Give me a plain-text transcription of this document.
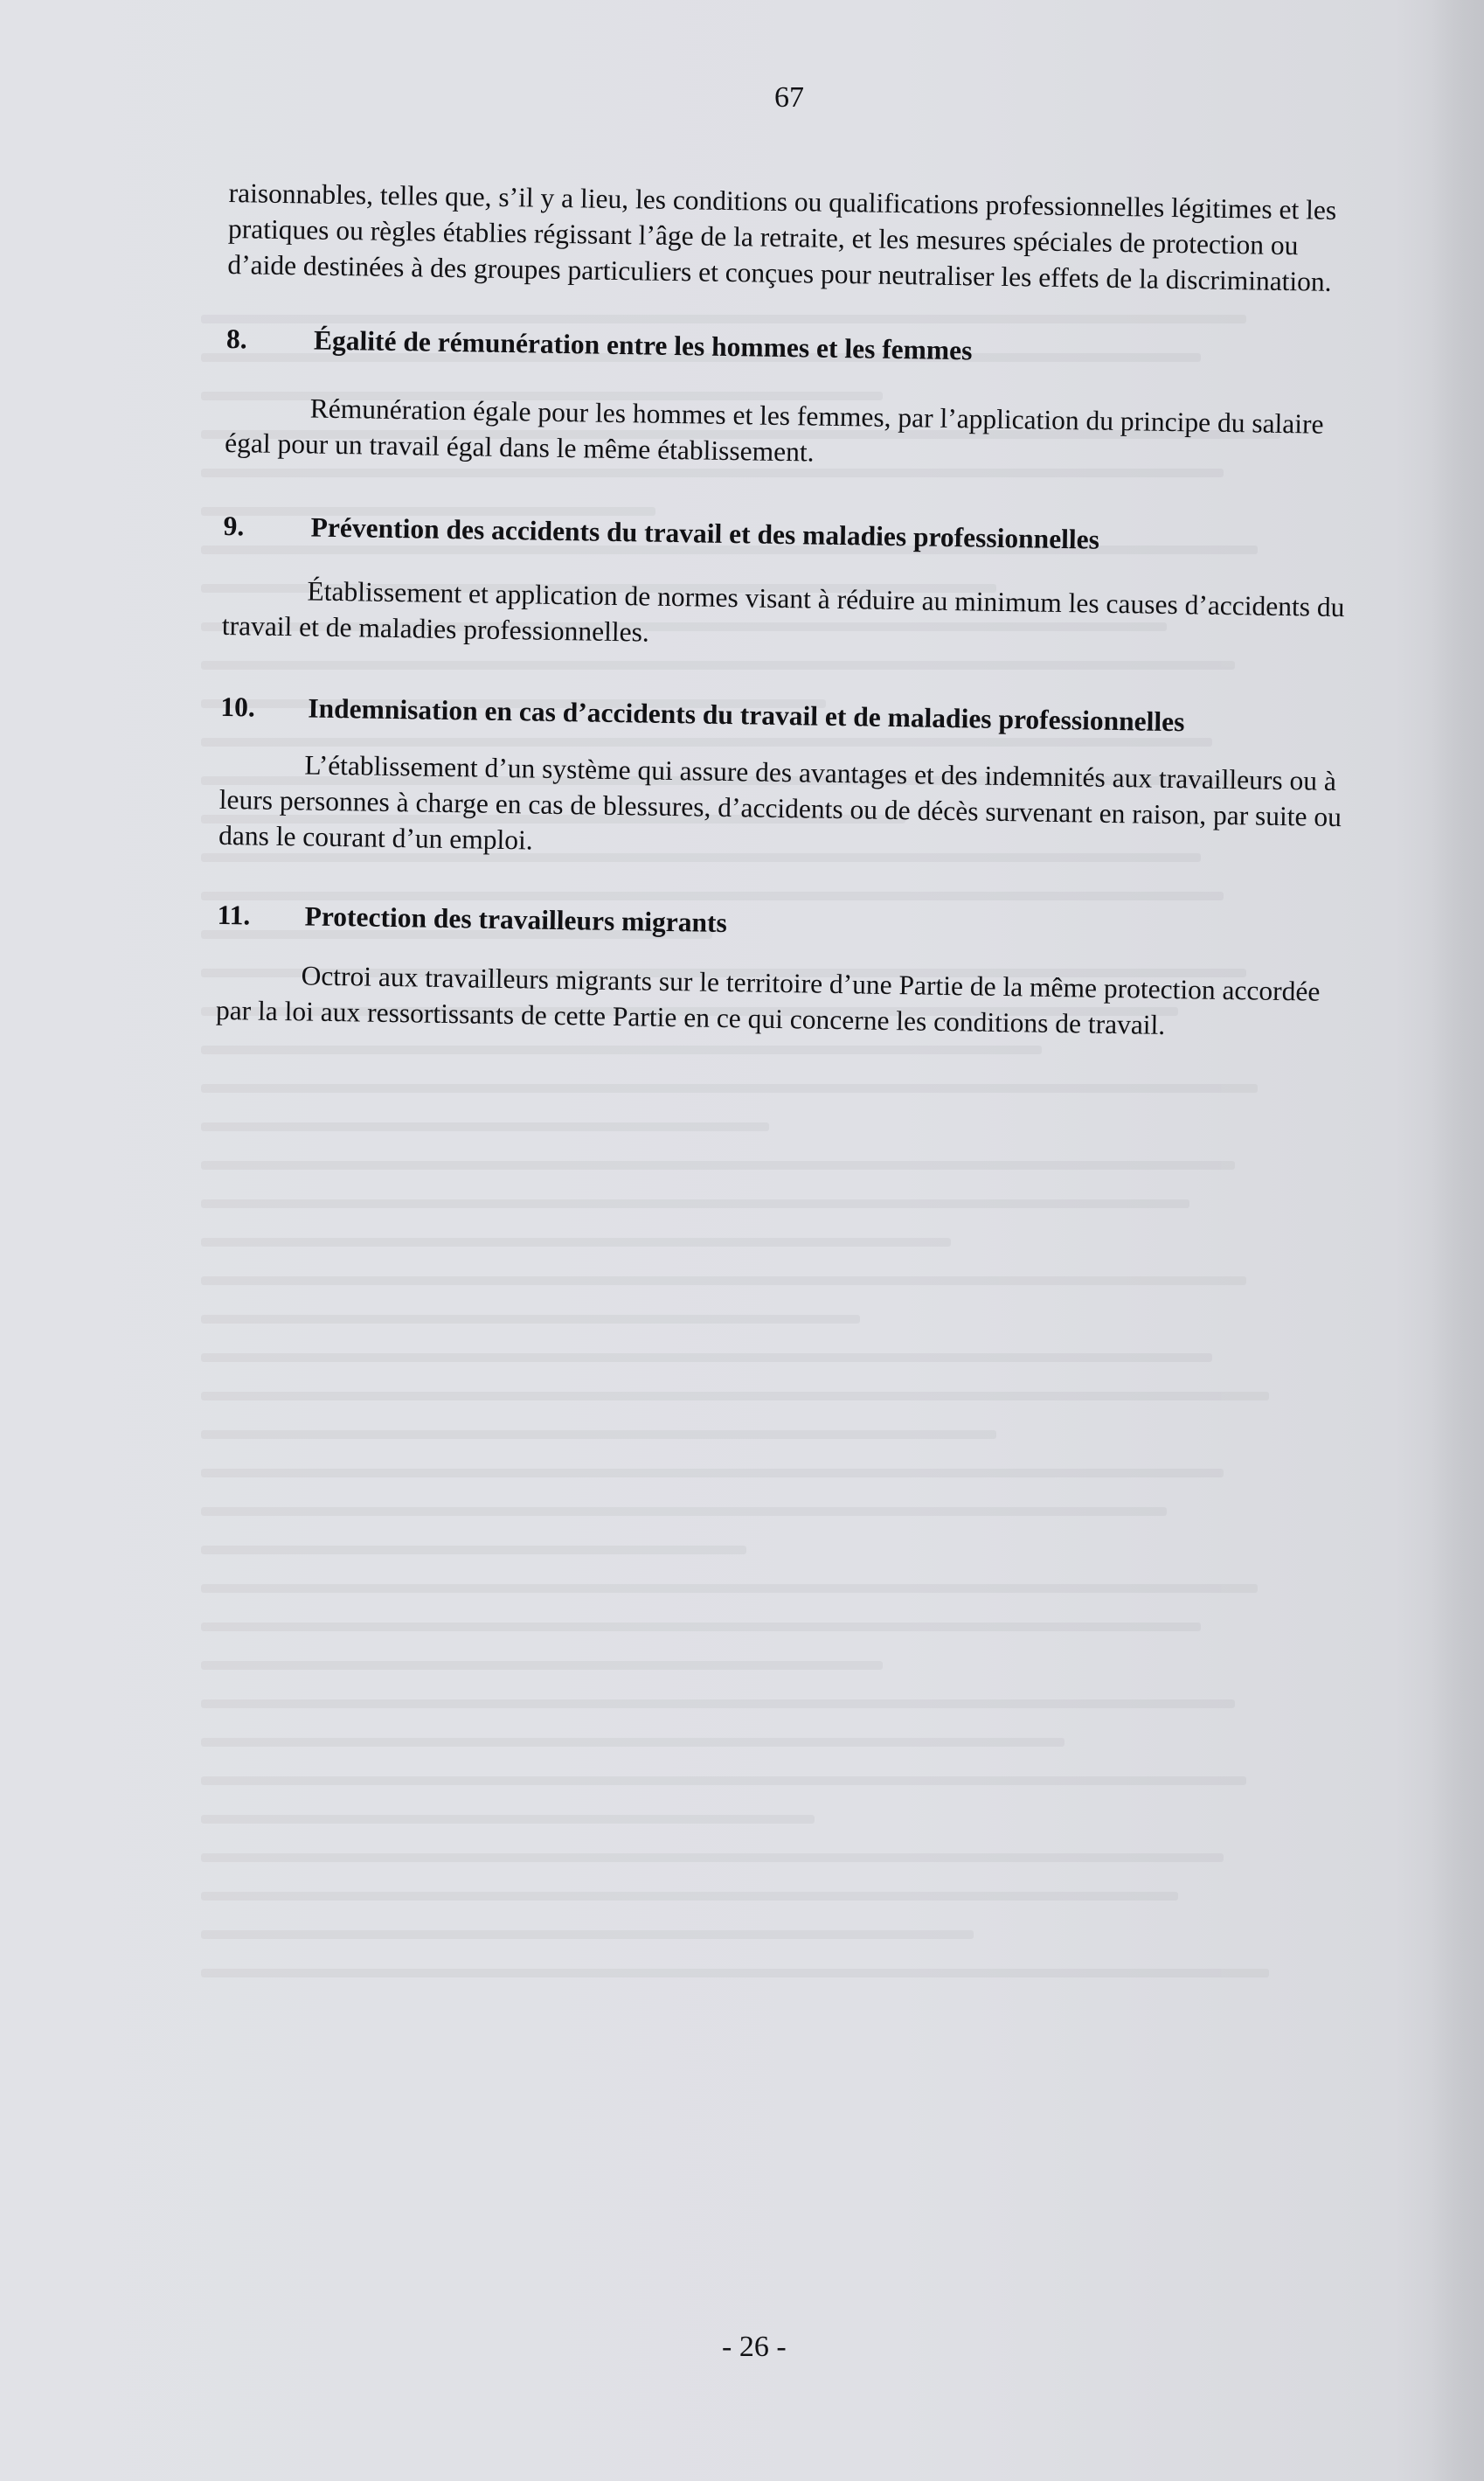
67

raisonnables, telles que, s’il y a lieu, les conditions ou qualifications professionnelles légitimes et les pratiques ou règles établies régissant l’âge de la retraite, et les mesures spéciales de protection ou d’aide destinées à des groupes particuliers et conçues pour neutraliser les effets de la discrimination.

8.	Égalité de rémunération entre les hommes et les femmes

Rémunération égale pour les hommes et les femmes, par l’application du principe du salaire égal pour un travail égal dans le même établissement.

9.	Prévention des accidents du travail et des maladies professionnelles

Établissement et application de normes visant à réduire au minimum les causes d’accidents du travail et de maladies professionnelles.

10.	Indemnisation en cas d’accidents du travail et de maladies professionnelles

L’établissement d’un système qui assure des avantages et des indemnités aux travailleurs ou à leurs personnes à charge en cas de blessures, d’accidents ou de décès survenant en raison, par suite ou dans le courant d’un emploi.

11.	Protection des travailleurs migrants

Octroi aux travailleurs migrants sur le territoire d’une Partie de la même protection accordée par la loi aux ressortissants de cette Partie en ce qui concerne les conditions de travail.

- 26 -
